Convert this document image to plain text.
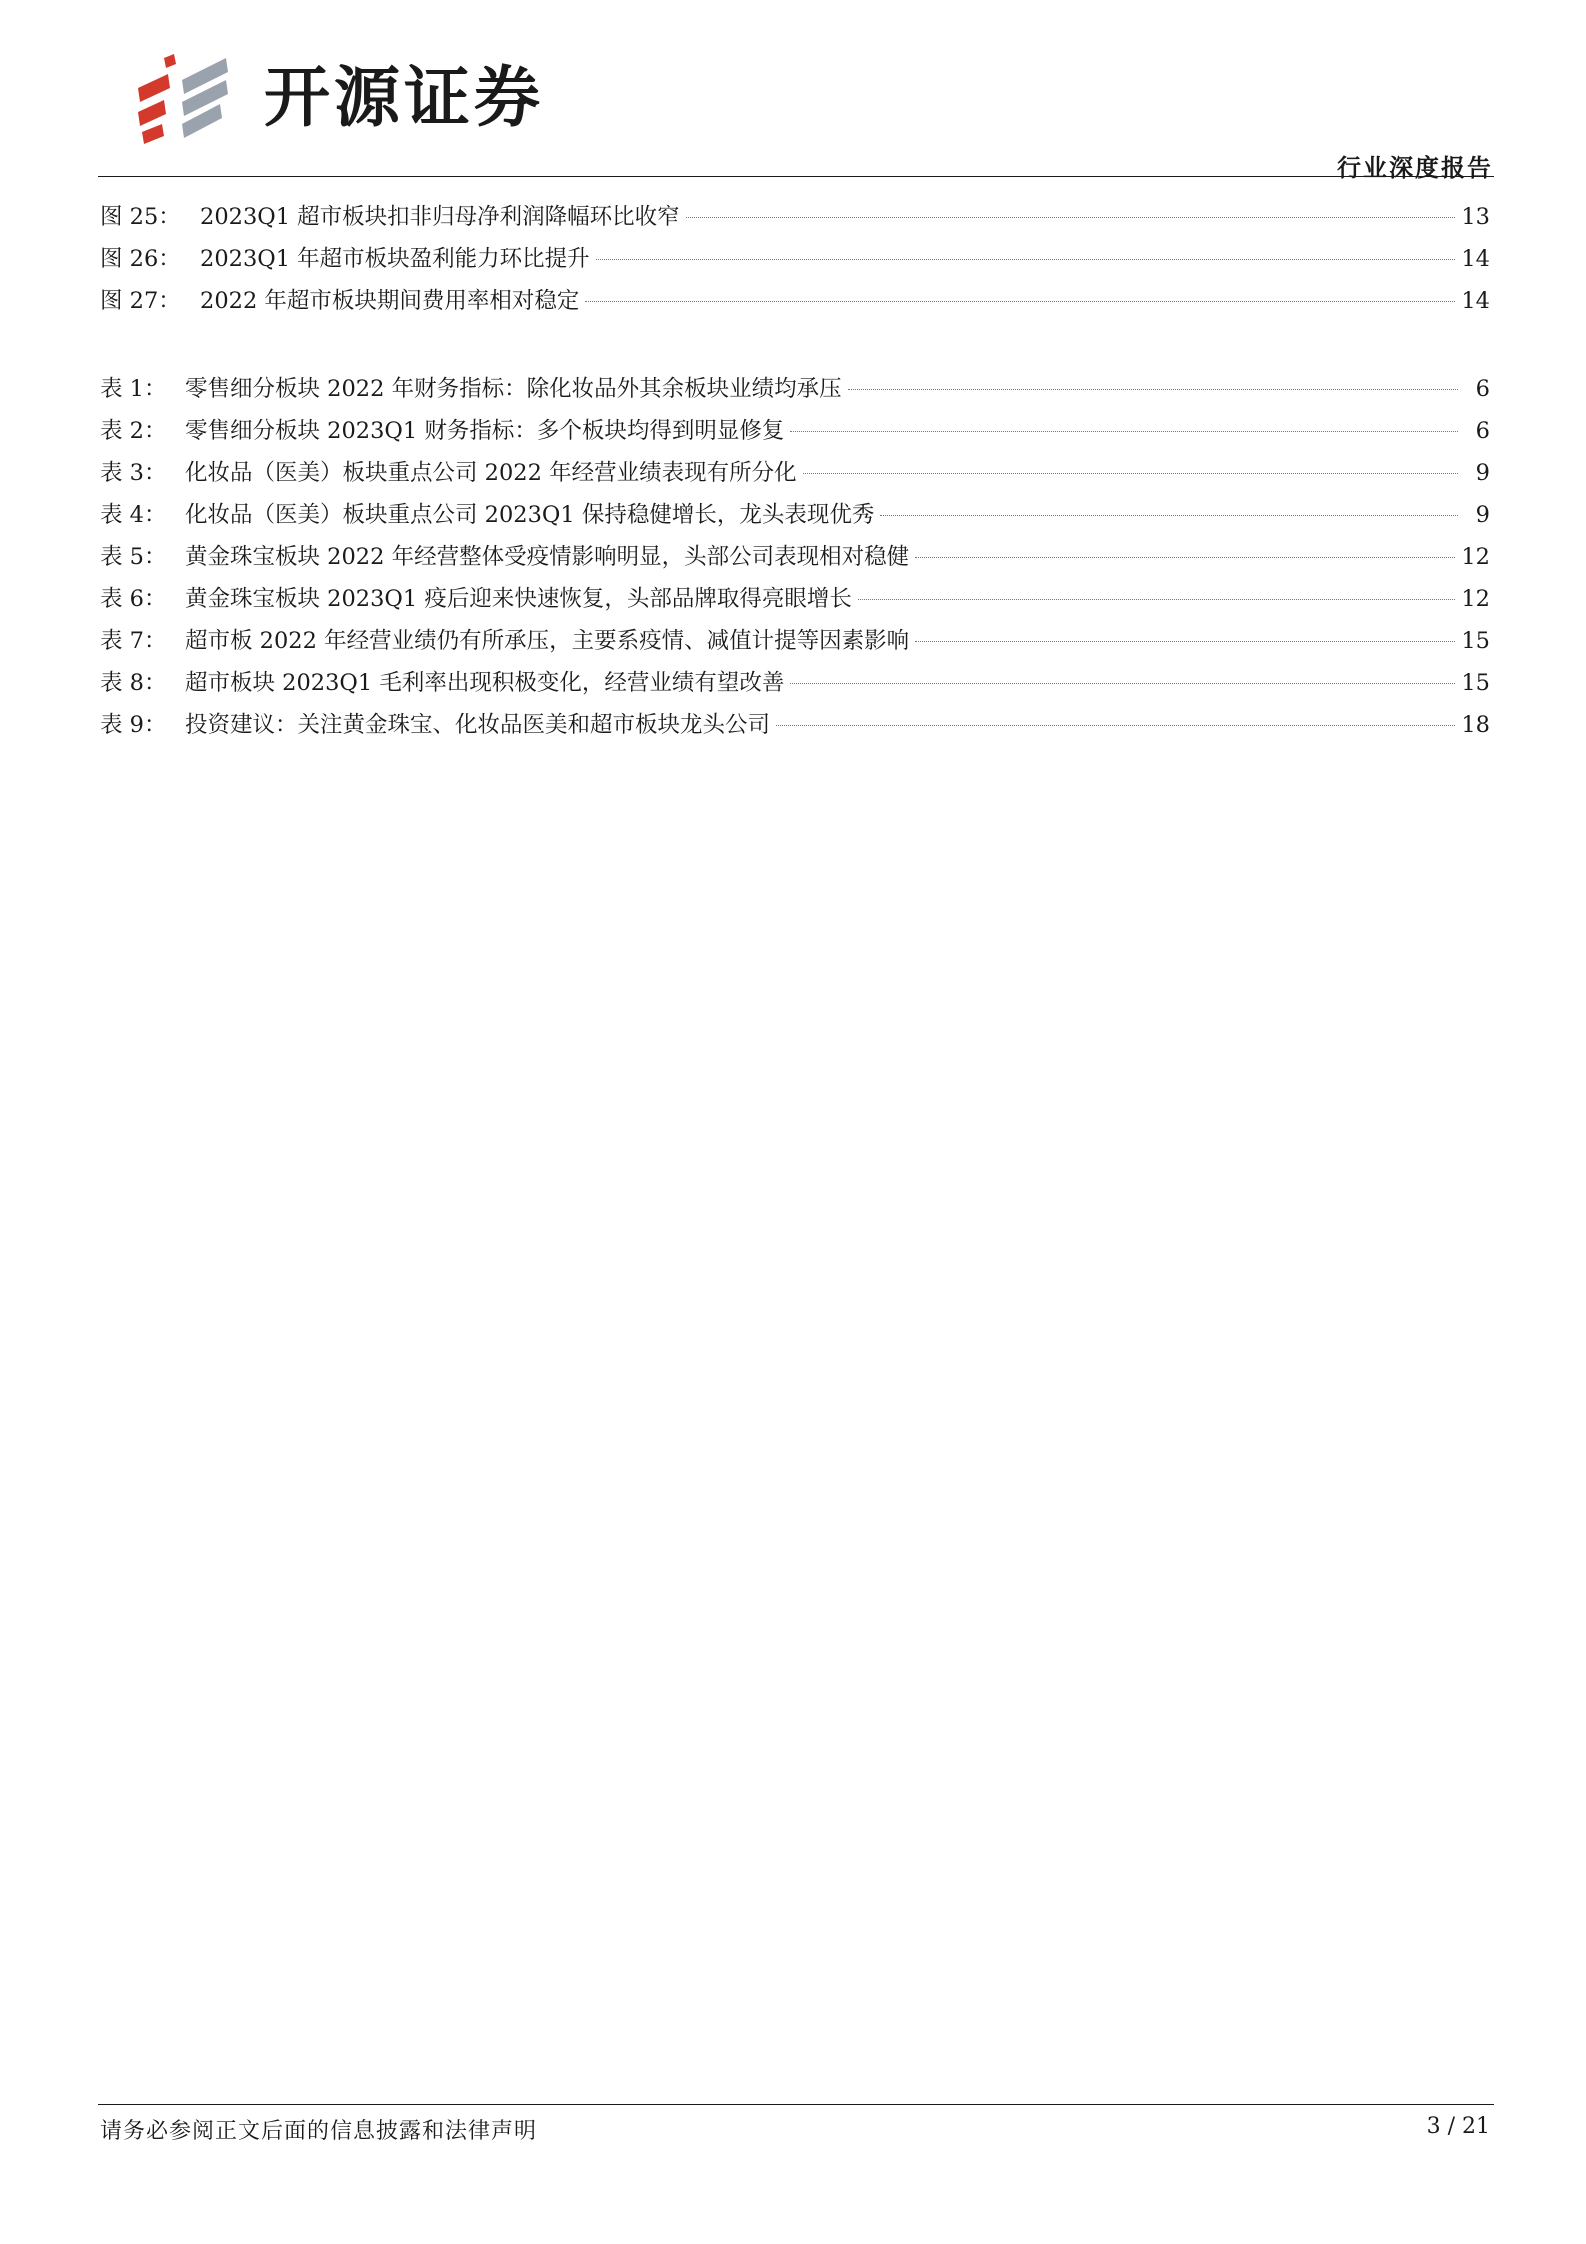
开源证券
行业深度报告
图 25： 2023Q1 超市板块扣非归母净利润降幅环比收窄	13
图 26： 2023Q1 年超市板块盈利能力环比提升	14
图 27： 2022 年超市板块期间费用率相对稳定	14
表 1： 零售细分板块 2022 年财务指标：除化妆品外其余板块业绩均承压	6
表 2： 零售细分板块 2023Q1 财务指标：多个板块均得到明显修复	6
表 3： 化妆品（医美）板块重点公司 2022 年经营业绩表现有所分化	9
表 4： 化妆品（医美）板块重点公司 2023Q1 保持稳健增长，龙头表现优秀	9
表 5： 黄金珠宝板块 2022 年经营整体受疫情影响明显，头部公司表现相对稳健	12
表 6： 黄金珠宝板块 2023Q1 疫后迎来快速恢复，头部品牌取得亮眼增长	12
表 7： 超市板 2022 年经营业绩仍有所承压，主要系疫情、减值计提等因素影响	15
表 8： 超市板块 2023Q1 毛利率出现积极变化，经营业绩有望改善	15
表 9： 投资建议：关注黄金珠宝、化妆品医美和超市板块龙头公司	18
请务必参阅正文后面的信息披露和法律声明	3 / 21
